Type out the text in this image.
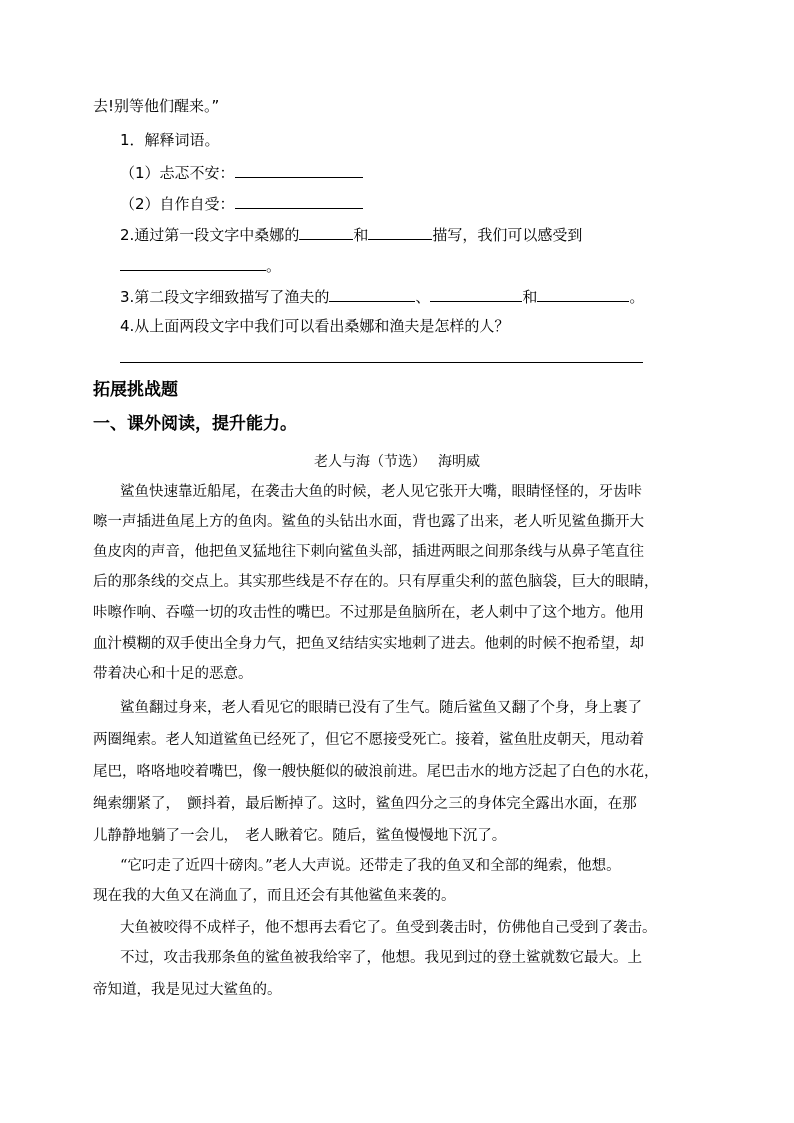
去!别等他们醒来。”
1．解释词语。
（1）忐忑不安：
（2）自作自受：
2.通过第一段文字中桑娜的	和	描写，我们可以感受到
。
3.第二段文字细致描写了渔夫的	、	和	。
4.从上面两段文字中我们可以看出桑娜和渔夫是怎样的人？
拓展挑战题
一、课外阅读，提升能力。
老人与海（节选） 海明威
鲨鱼快速靠近船尾，在袭击大鱼的时候，老人见它张开大嘴，眼睛怪怪的，牙齿咔
嚓一声插进鱼尾上方的鱼肉。鲨鱼的头钻出水面，背也露了出来，老人听见鲨鱼撕开大
鱼皮肉的声音，他把鱼叉猛地往下刺向鲨鱼头部，插进两眼之间那条线与从鼻子笔直往
后的那条线的交点上。其实那些线是不存在的。只有厚重尖利的蓝色脑袋，巨大的眼睛，
咔嚓作响、吞噬一切的攻击性的嘴巴。不过那是鱼脑所在，老人刺中了这个地方。他用
血汁模糊的双手使出全身力气，把鱼叉结结实实地刺了进去。他刺的时候不抱希望，却
带着决心和十足的恶意。
鲨鱼翻过身来，老人看见它的眼睛已没有了生气。随后鲨鱼又翻了个身，身上裹了
两圈绳索。老人知道鲨鱼已经死了，但它不愿接受死亡。接着，鲨鱼肚皮朝天，甩动着
尾巴，咯咯地咬着嘴巴，像一艘快艇似的破浪前进。尾巴击水的地方泛起了白色的水花，
绳索绷紧了，　颤抖着，最后断掉了。这时，鲨鱼四分之三的身体完全露出水面，在那
儿静静地躺了一会儿，　老人瞅着它。随后，鲨鱼慢慢地下沉了。
“它叼走了近四十磅肉。”老人大声说。还带走了我的鱼叉和全部的绳索，他想。
现在我的大鱼又在淌血了，而且还会有其他鲨鱼来袭的。
大鱼被咬得不成样子，他不想再去看它了。鱼受到袭击时，仿佛他自己受到了袭击。
不过，攻击我那条鱼的鲨鱼被我给宰了，他想。我见到过的登土鲨就数它最大。上
帝知道，我是见过大鲨鱼的。
